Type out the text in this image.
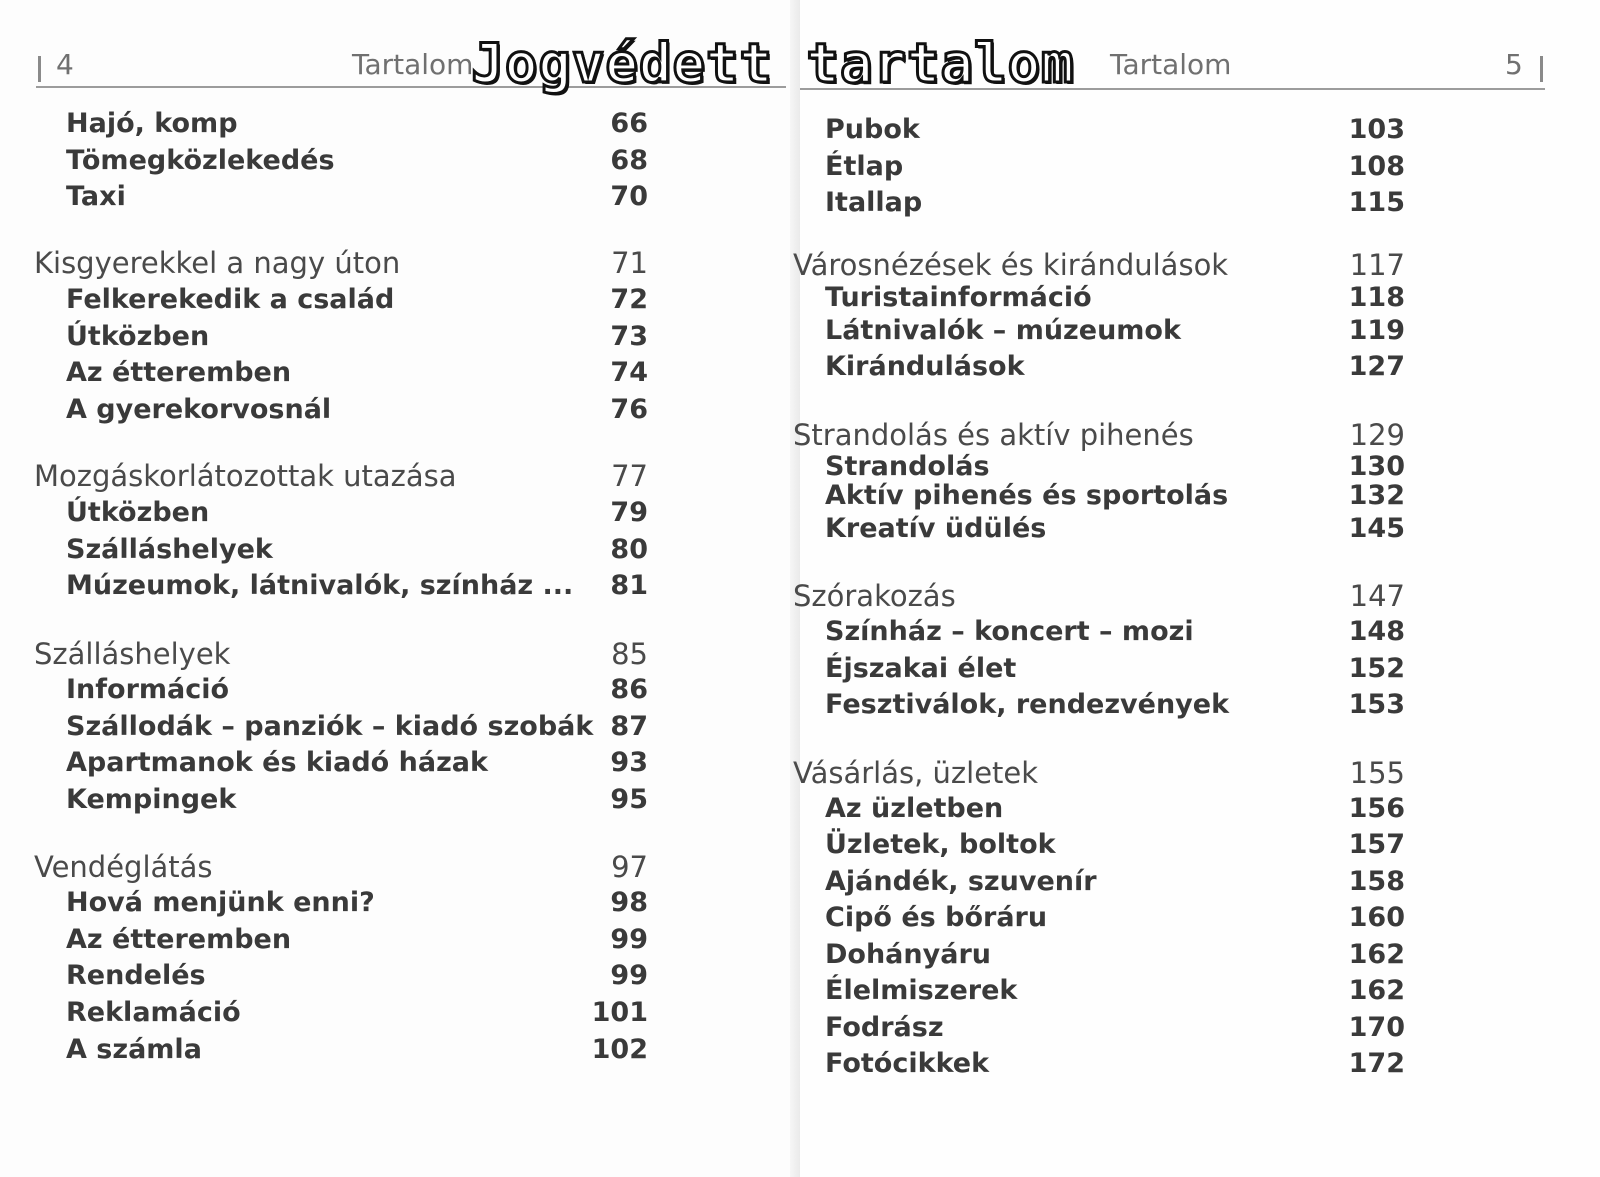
4	Tartalom
Hajó, komp	66
Tömegközlekedés	68
Taxi	70
Kisgyerekkel a nagy úton	71
Felkerekedik a család	72
Útközben	73
Az étteremben	74
A gyerekorvosnál	76
Mozgáskorlátozottak utazása	77
Útközben	79
Szálláshelyek	80
Múzeumok, látnivalók, színház ...	81
Szálláshelyek	85
Információ	86
Szállodák – panziók – kiadó szobák 87
Apartmanok és kiadó házak	93
Kempingek	95
Vendéglátás	97
Hová menjünk enni?	98
Az étteremben	99
Rendelés	99
Reklamáció	101
A számla	102
Tartalom	5
Pubok	103
Étlap	108
Itallap	115
Városnézések és kirándulások	117
Turistainformáció	118
Látnivalók – múzeumok	119
Kirándulások	127
Strandolás és aktív pihenés	129
Strandolás	130
Aktív pihenés és sportolás	132
Kreatív üdülés	145
Szórakozás	147
Színház – koncert – mozi	148
Éjszakai élet	152
Fesztiválok, rendezvények	153
Vásárlás, üzletek	155
Az üzletben	156
Üzletek, boltok	157
Ajándék, szuvenír	158
Cipő és bőráru	160
Dohányáru	162
Élelmiszerek	162
Fodrász	170
Fotócikkek	172
Jogvédett tartalom
